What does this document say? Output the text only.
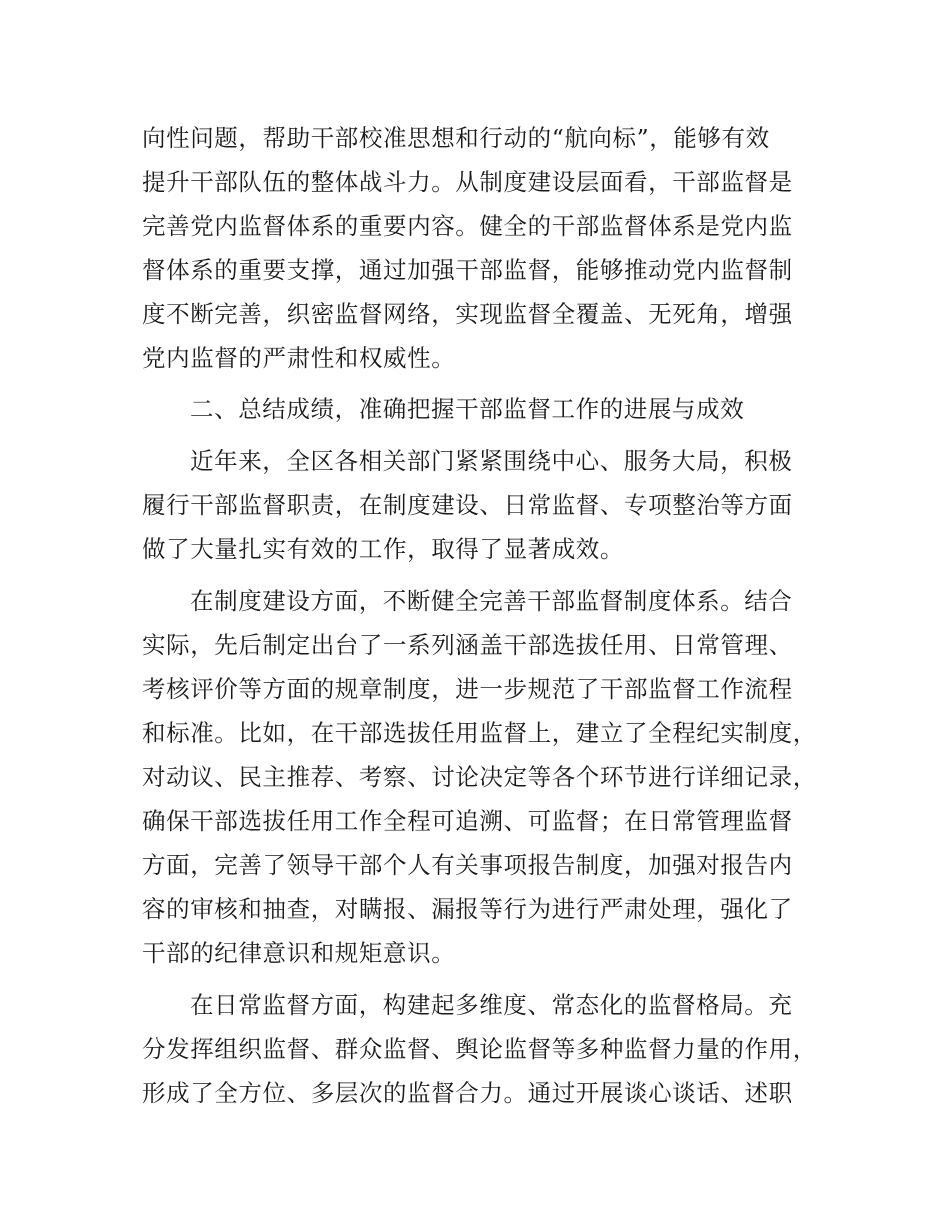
向性问题，帮助干部校准思想和行动的“航向标”，能够有效
提升干部队伍的整体战斗力。从制度建设层面看，干部监督是
完善党内监督体系的重要内容。健全的干部监督体系是党内监
督体系的重要支撑，通过加强干部监督，能够推动党内监督制
度不断完善，织密监督网络，实现监督全覆盖、无死角，增强
党内监督的严肃性和权威性。
二、总结成绩，准确把握干部监督工作的进展与成效
近年来，全区各相关部门紧紧围绕中心、服务大局，积极
履行干部监督职责，在制度建设、日常监督、专项整治等方面
做了大量扎实有效的工作，取得了显著成效。
在制度建设方面，不断健全完善干部监督制度体系。结合
实际，先后制定出台了一系列涵盖干部选拔任用、日常管理、
考核评价等方面的规章制度，进一步规范了干部监督工作流程
和标准。比如，在干部选拔任用监督上，建立了全程纪实制度，
对动议、民主推荐、考察、讨论决定等各个环节进行详细记录，
确保干部选拔任用工作全程可追溯、可监督；在日常管理监督
方面，完善了领导干部个人有关事项报告制度，加强对报告内
容的审核和抽查，对瞒报、漏报等行为进行严肃处理，强化了
干部的纪律意识和规矩意识。
在日常监督方面，构建起多维度、常态化的监督格局。充
分发挥组织监督、群众监督、舆论监督等多种监督力量的作用，
形成了全方位、多层次的监督合力。通过开展谈心谈话、述职
